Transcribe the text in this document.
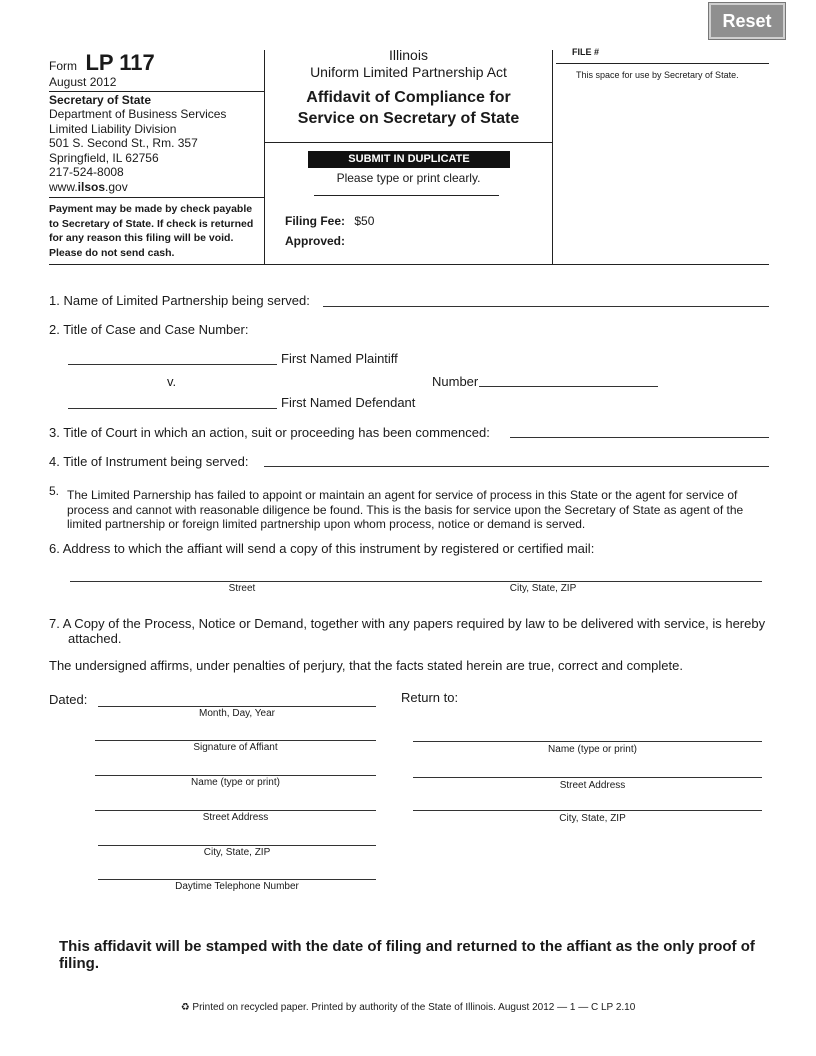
Reset
Form LP 117
August 2012
Secretary of State
Department of Business Services
Limited Liability Division
501 S. Second St., Rm. 357
Springfield, IL 62756
217-524-8008
www.ilsos.gov
Payment may be made by check payable to Secretary of State. If check is returned for any reason this filing will be void. Please do not send cash.
Illinois
Uniform Limited Partnership Act
Affidavit of Compliance for
Service on Secretary of State
SUBMIT IN DUPLICATE
Please type or print clearly.
Filing Fee: $50
Approved:
FILE #
This space for use by Secretary of State.
1. Name of Limited Partnership being served:
2. Title of Case and Case Number:
First Named Plaintiff
v.	Number
First Named Defendant
3. Title of Court in which an action, suit or proceeding has been commenced:
4. Title of Instrument being served:
5. The Limited Parnership has failed to appoint or maintain an agent for service of process in this State or the agent for service of process and cannot with reasonable diligence be found. This is the basis for service upon the Secretary of State as agent of the limited partnership or foreign limited partnership upon whom process, notice or demand is served.
6. Address to which the affiant will send a copy of this instrument by registered or certified mail:
Street	City, State, ZIP
7. A Copy of the Process, Notice or Demand, together with any papers required by law to be delivered with service, is hereby attached.
The undersigned affirms, under penalties of perjury, that the facts stated herein are true, correct and complete.
Dated:
Month, Day, Year
Signature of Affiant
Name (type or print)
Street Address
City, State, ZIP
Daytime Telephone Number
Return to:
Name (type or print)
Street Address
City, State, ZIP
This affidavit will be stamped with the date of filing and returned to the affiant as the only proof of filing.
♻ Printed on recycled paper. Printed by authority of the State of Illinois. August 2012 — 1 — C LP 2.10
